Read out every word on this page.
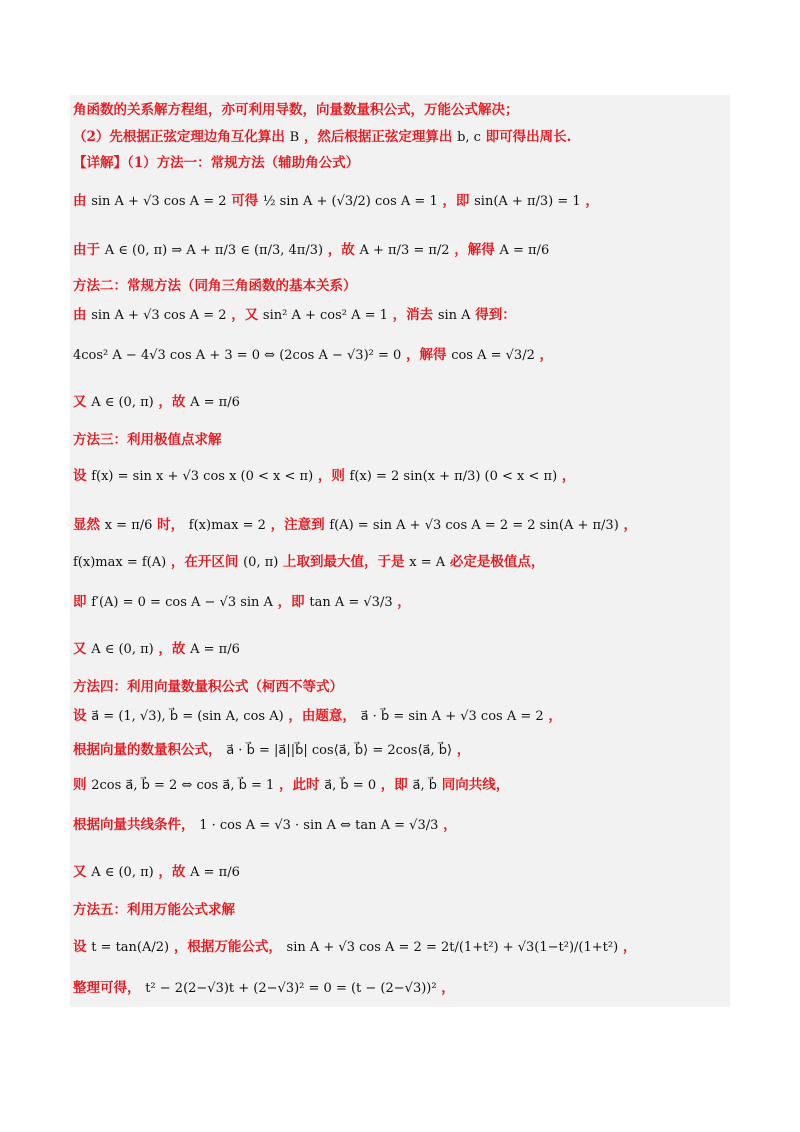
角函数的关系解方程组，亦可利用导数，向量数量积公式，万能公式解决；
（2）先根据正弦定理边角互化算出 B ，然后根据正弦定理算出 b, c 即可得出周长.
【详解】（1）方法一：常规方法（辅助角公式）
由 sin A + √3 cos A = 2 可得 ½ sin A + (√3/2) cos A = 1 ，即 sin(A + π/3) = 1 ，
由于 A ∈ (0, π) ⇒ A + π/3 ∈ (π/3, 4π/3) ，故 A + π/3 = π/2 ，解得 A = π/6
方法二：常规方法（同角三角函数的基本关系）
由 sin A + √3 cos A = 2 ，又 sin² A + cos² A = 1 ，消去 sin A 得到：
4cos² A − 4√3 cos A + 3 = 0 ⇔ (2cos A − √3)² = 0 ，解得 cos A = √3/2 ，
又 A ∈ (0, π) ，故 A = π/6
方法三：利用极值点求解
设 f(x) = sin x + √3 cos x (0 < x < π) ，则 f(x) = 2 sin(x + π/3) (0 < x < π) ，
显然 x = π/6 时， f(x)max = 2 ，注意到 f(A) = sin A + √3 cos A = 2 = 2 sin(A + π/3) ，
f(x)max = f(A) ，在开区间 (0, π) 上取到最大值，于是 x = A 必定是极值点，
即 f′(A) = 0 = cos A − √3 sin A ，即 tan A = √3/3 ，
又 A ∈ (0, π) ，故 A = π/6
方法四：利用向量数量积公式（柯西不等式）
设 a⃗ = (1, √3), b⃗ = (sin A, cos A) ，由题意， a⃗ · b⃗ = sin A + √3 cos A = 2 ，
根据向量的数量积公式， a⃗ · b⃗ = |a⃗||b⃗| cos⟨a⃗, b⃗⟩ = 2cos⟨a⃗, b⃗⟩ ，
则 2cos a⃗, b⃗ = 2 ⇔ cos a⃗, b⃗ = 1 ，此时 a⃗, b⃗ = 0 ，即 a⃗, b⃗ 同向共线，
根据向量共线条件， 1 · cos A = √3 · sin A ⇔ tan A = √3/3 ，
又 A ∈ (0, π) ，故 A = π/6
方法五：利用万能公式求解
设 t = tan(A/2) ，根据万能公式， sin A + √3 cos A = 2 = 2t/(1+t²) + √3(1−t²)/(1+t²) ，
整理可得， t² − 2(2−√3)t + (2−√3)² = 0 = (t − (2−√3))² ，
